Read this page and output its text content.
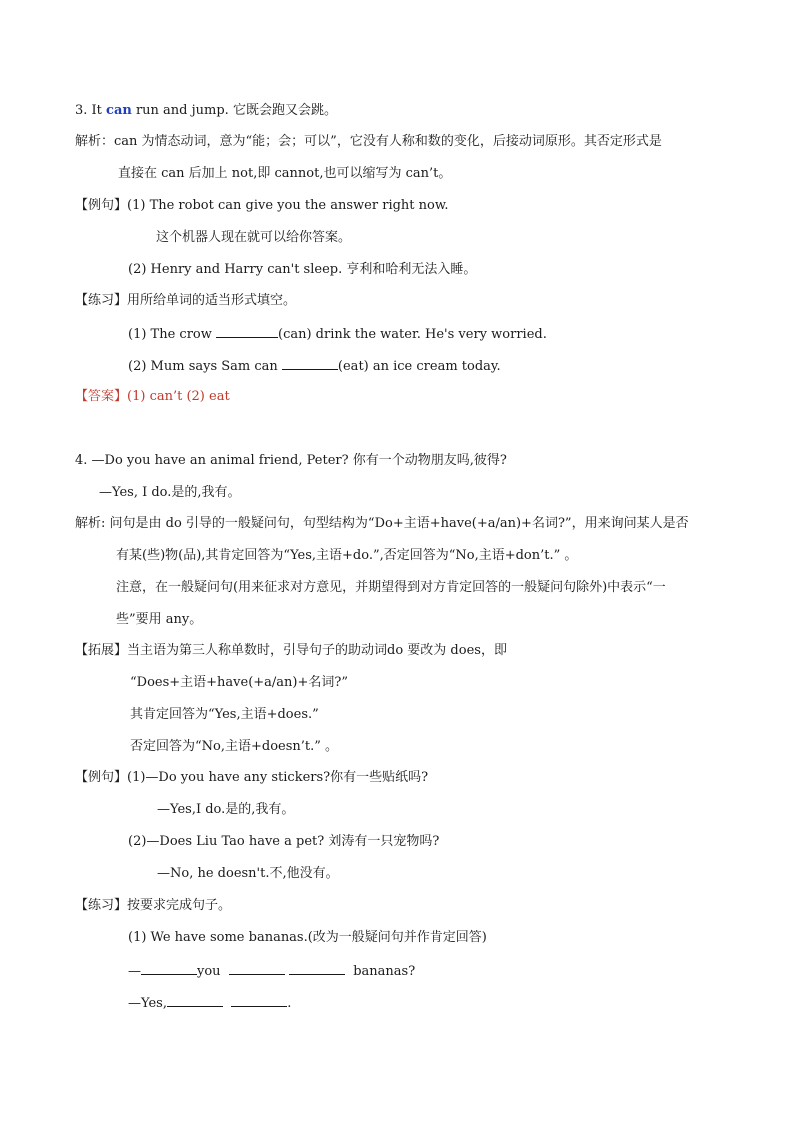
3. It can run and jump. 它既会跑又会跳。
解析：can 为情态动词，意为“能；会；可以”，它没有人称和数的变化，后接动词原形。其否定形式是
直接在 can 后加上 not,即 cannot,也可以缩写为 can’t。
【例句】(1) The robot can give you the answer right now.
这个机器人现在就可以给你答案。
(2) Henry and Harry can't sleep. 亨利和哈利无法入睡。
【练习】用所给单词的适当形式填空。
(1) The crow	(can) drink the water. He's very worried.
(2) Mum says Sam can	(eat) an ice cream today.
【答案】(1) can’t (2) eat
4. —Do you have an animal friend, Peter? 你有一个动物朋友吗,彼得?
—Yes, I do.是的,我有。
解析: 问句是由 do 引导的一般疑问句，句型结构为“Do+主语+have(+a/an)+名词?”，用来询问某人是否
有某(些)物(品),其肯定回答为“Yes,主语+do.”,否定回答为“No,主语+don’t.” 。
注意，在一般疑问句(用来征求对方意见，并期望得到对方肯定回答的一般疑问句除外)中表示“一
些”要用 any。
【拓展】当主语为第三人称单数时，引导句子的助动词do 要改为 does，即
“Does+主语+have(+a/an)+名词?”
其肯定回答为“Yes,主语+does.”
否定回答为“No,主语+doesn’t.” 。
【例句】(1)—Do you have any stickers?你有一些贴纸吗?
—Yes,I do.是的,我有。
(2)—Does Liu Tao have a pet? 刘涛有一只宠物吗?
—No, he doesn't.不,他没有。
【练习】按要求完成句子。
(1) We have some bananas.(改为一般疑问句并作肯定回答)
—	you	bananas?
—Yes,	.
